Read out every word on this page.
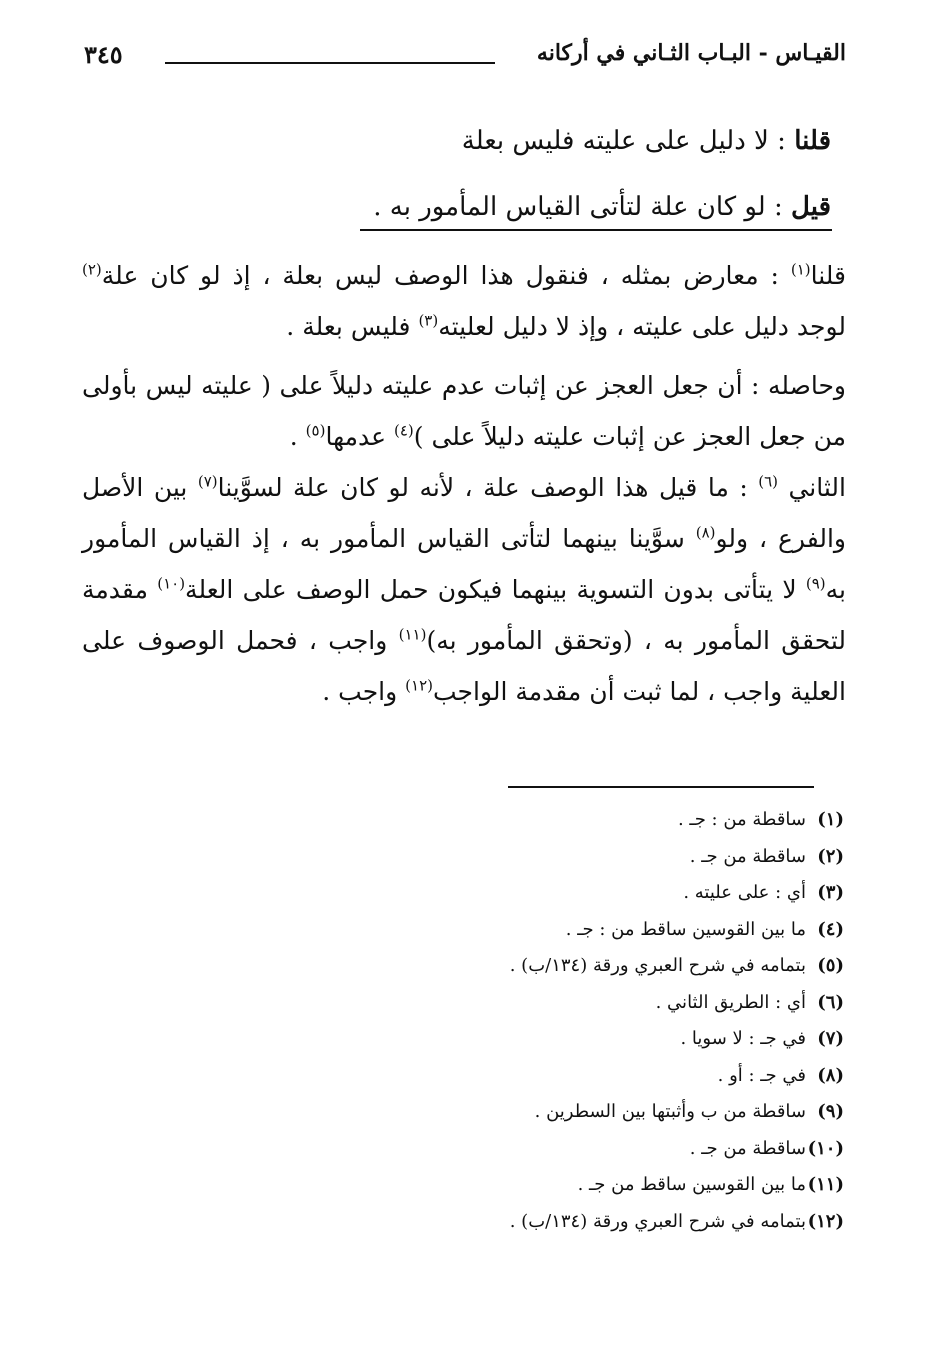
القيـاس - البـاب الثـاني في أركانه
٣٤٥
قلنا : لا دليل على عليته فليس بعلة
قيل : لو كان علة لتأتى القياس المأمور به .
قلنا$^{(١)}$ : معارض بمثله ، فنقول هذا الوصف ليس بعلة ، إذ لو كان علة$^{(٢)}$ لوجد دليل على عليته ، وإذ لا دليل لعليته$^{(٣)}$ فليس بعلة .
وحاصله : أن جعل العجز عن إثبات عدم عليته دليلاً على ( عليته ليس بأولى من جعل العجز عن إثبات عليته دليلاً على )$^{(٤)}$ عدمها$^{(٥)}$ .
الثاني $^{(٦)}$ : ما قيل هذا الوصف علة ، لأنه لو كان علة لسوَّينا$^{(٧)}$ بين الأصل والفرع ، ولو$^{(٨)}$ سوَّينا بينهما لتأتى القياس المأمور به ، إذ القياس المأمور به$^{(٩)}$ لا يتأتى بدون التسوية بينهما فيكون حمل الوصف على العلة$^{(١٠)}$ مقدمة لتحقق المأمور به ، (وتحقق المأمور به)$^{(١١)}$ واجب ، فحمل الوصوف على العلية واجب ، لما ثبت أن مقدمة الواجب$^{(١٢)}$ واجب .
(١)ساقطة من : جـ .
(٢)ساقطة من جـ .
(٣)أي : على عليته .
(٤)ما بين القوسين ساقط من : جـ .
(٥)بتمامه في شرح العبري ورقة (١٣٤/ب) .
(٦)أي : الطريق الثاني .
(٧)في جـ : لا سويا .
(٨)في جـ : أو .
(٩)ساقطة من ب وأثبتها بين السطرين .
(١٠)ساقطة من جـ .
(١١)ما بين القوسين ساقط من جـ .
(١٢)بتمامه في شرح العبري ورقة (١٣٤/ب) .
